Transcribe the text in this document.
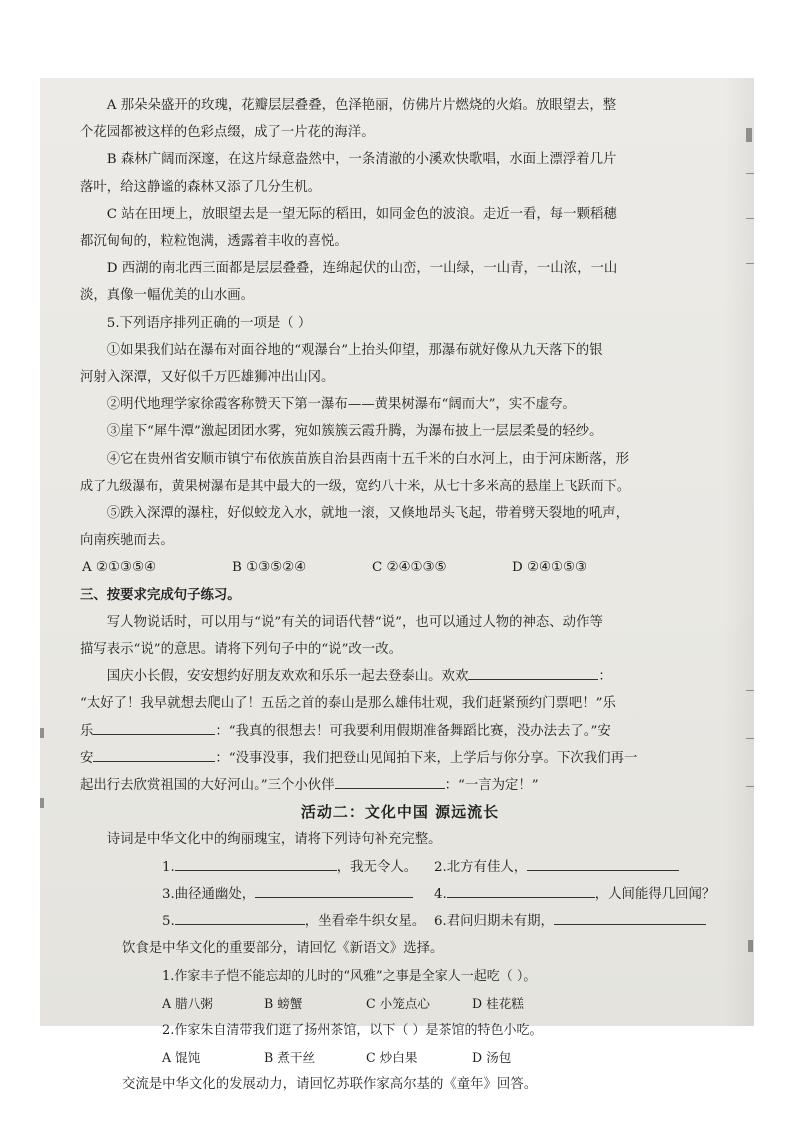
A 那朵朵盛开的玫瑰，花瓣层层叠叠，色泽艳丽，仿佛片片燃烧的火焰。放眼望去，整

个花园都被这样的色彩点缀，成了一片花的海洋。

B 森林广阔而深邃，在这片绿意盎然中，一条清澈的小溪欢快歌唱，水面上漂浮着几片

落叶，给这静谧的森林又添了几分生机。

C 站在田埂上，放眼望去是一望无际的稻田，如同金色的波浪。走近一看，每一颗稻穗

都沉甸甸的，粒粒饱满，透露着丰收的喜悦。

D 西湖的南北西三面都是层层叠叠，连绵起伏的山峦，一山绿，一山青，一山浓，一山

淡，真像一幅优美的山水画。

5.下列语序排列正确的一项是（ ）

①如果我们站在瀑布对面谷地的“观瀑台”上抬头仰望，那瀑布就好像从九天落下的银

河射入深潭，又好似千万匹雄狮冲出山冈。

②明代地理学家徐霞客称赞天下第一瀑布——黄果树瀑布“阔而大”，实不虚夸。

③崖下“犀牛潭”激起团团水雾，宛如簇簇云霞升腾，为瀑布披上一层层柔曼的轻纱。

④它在贵州省安顺市镇宁布依族苗族自治县西南十五千米的白水河上，由于河床断落，形

成了九级瀑布，黄果树瀑布是其中最大的一级，宽约八十米，从七十多米高的悬崖上飞跃而下。

⑤跌入深潭的瀑柱，好似蛟龙入水，就地一滚，又倏地昂头飞起，带着劈天裂地的吼声，

向南疾驰而去。

A ②①③⑤④	B ①③⑤②④	C ②④①③⑤	D ②④①⑤③

三、按要求完成句子练习。

写人物说话时，可以用与“说”有关的词语代替“说”，也可以通过人物的神态、动作等

描写表示“说”的意思。请将下列句子中的“说”改一改。

国庆小长假，安安想约好朋友欢欢和乐乐一起去登泰山。欢欢	：

“太好了！我早就想去爬山了！五岳之首的泰山是那么雄伟壮观，我们赶紧预约门票吧！”乐

乐	：“我真的很想去！可我要利用假期准备舞蹈比赛，没办法去了。”安

安	：“没事没事，我们把登山见闻拍下来，上学后与你分享。下次我们再一

起出行去欣赏祖国的大好河山。”三个小伙伴	：“一言为定！”

活动二：文化中国 源远流长

诗词是中华文化中的绚丽瑰宝，请将下列诗句补充完整。

1.	，我无令人。 2.北方有佳人，
3.曲径通幽处，	4.	，人间能得几回闻？
5.	，坐看牵牛织女星。 6.君问归期未有期，

饮食是中华文化的重要部分，请回忆《新语文》选择。

1.作家丰子恺不能忘却的儿时的“风雅”之事是全家人一起吃（ ）。

A 腊八粥	B 螃蟹	C 小笼点心	D 桂花糕

2.作家朱自清带我们逛了扬州茶馆，以下（ ）是茶馆的特色小吃。

A 馄饨	B 煮干丝	C 炒白果	D 汤包

交流是中华文化的发展动力，请回忆苏联作家高尔基的《童年》回答。
